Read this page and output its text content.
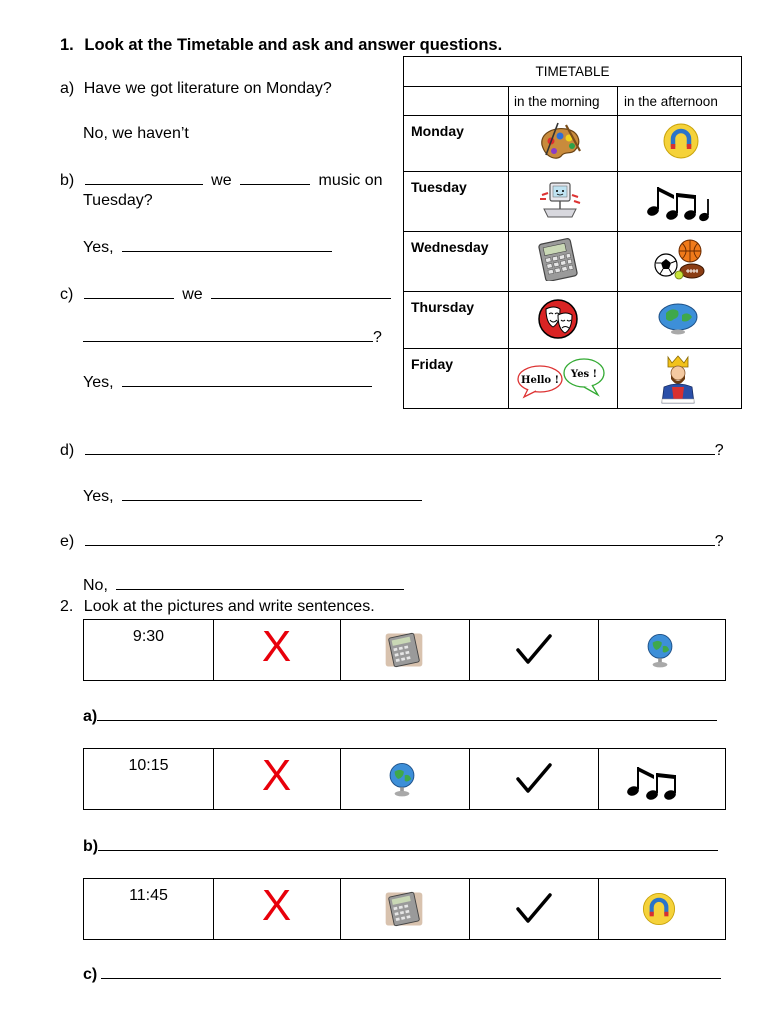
1. Look at the Timetable and ask and answer questions.
a) Have we got literature on Monday?
No, we haven’t
b)	we	music on
Tuesday?
Yes,
c)	we
?
Yes,
d)	?
Yes,
e)	?
No,
TIMETABLE
in the morning in the afternoon
Monday
Tuesday
Wednesday
Thursday
Friday
Hello !
Yes !
2. Look at the pictures and write sentences.
9:30	X
a)
10:15	X
b)
11:45	X
c)
